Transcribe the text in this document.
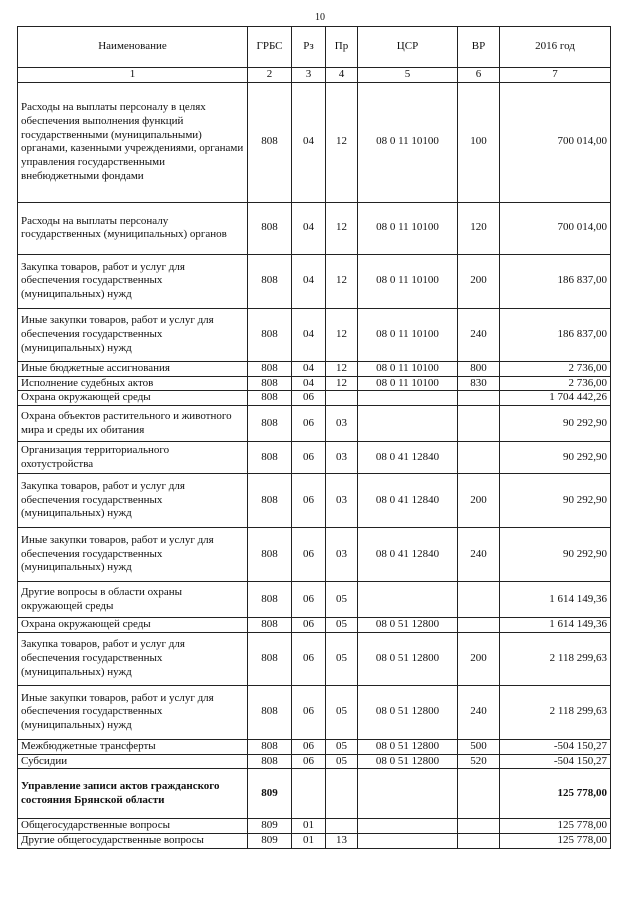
10
Наименование	ГРБС	Рз	Пр	ЦСР	ВР	2016 год
1	2	3	4	5	6	7
Расходы на выплаты персоналу в целях обеспечения выполнения функций государственными (муниципальными) органами, казенными учреждениями, органами управления государственными внебюджетными фондами	808	04	12	08 0 11 10100	100	700 014,00
Расходы на выплаты персоналу государственных (муниципальных) органов	808	04	12	08 0 11 10100	120	700 014,00
Закупка товаров, работ и услуг для обеспечения государственных (муниципальных) нужд	808	04	12	08 0 11 10100	200	186 837,00
Иные закупки товаров, работ и услуг для обеспечения государственных (муниципальных) нужд	808	04	12	08 0 11 10100	240	186 837,00
Иные бюджетные ассигнования	808	04	12	08 0 11 10100	800	2 736,00
Исполнение судебных актов	808	04	12	08 0 11 10100	830	2 736,00
Охрана окружающей среды	808	06				1 704 442,26
Охрана объектов растительного и животного мира и среды их обитания	808	06	03			90 292,90
Организация территориального охотустройства	808	06	03	08 0 41 12840		90 292,90
Закупка товаров, работ и услуг для обеспечения государственных (муниципальных) нужд	808	06	03	08 0 41 12840	200	90 292,90
Иные закупки товаров, работ и услуг для обеспечения государственных (муниципальных) нужд	808	06	03	08 0 41 12840	240	90 292,90
Другие вопросы в области охраны окружающей среды	808	06	05			1 614 149,36
Охрана окружающей среды	808	06	05	08 0 51 12800		1 614 149,36
Закупка товаров, работ и услуг для обеспечения государственных (муниципальных) нужд	808	06	05	08 0 51 12800	200	2 118 299,63
Иные закупки товаров, работ и услуг для обеспечения государственных (муниципальных) нужд	808	06	05	08 0 51 12800	240	2 118 299,63
Межбюджетные трансферты	808	06	05	08 0 51 12800	500	-504 150,27
Субсидии	808	06	05	08 0 51 12800	520	-504 150,27
Управление записи актов гражданского состояния Брянской области	809					125 778,00
Общегосударственные вопросы	809	01				125 778,00
Другие общегосударственные вопросы	809	01	13			125 778,00
